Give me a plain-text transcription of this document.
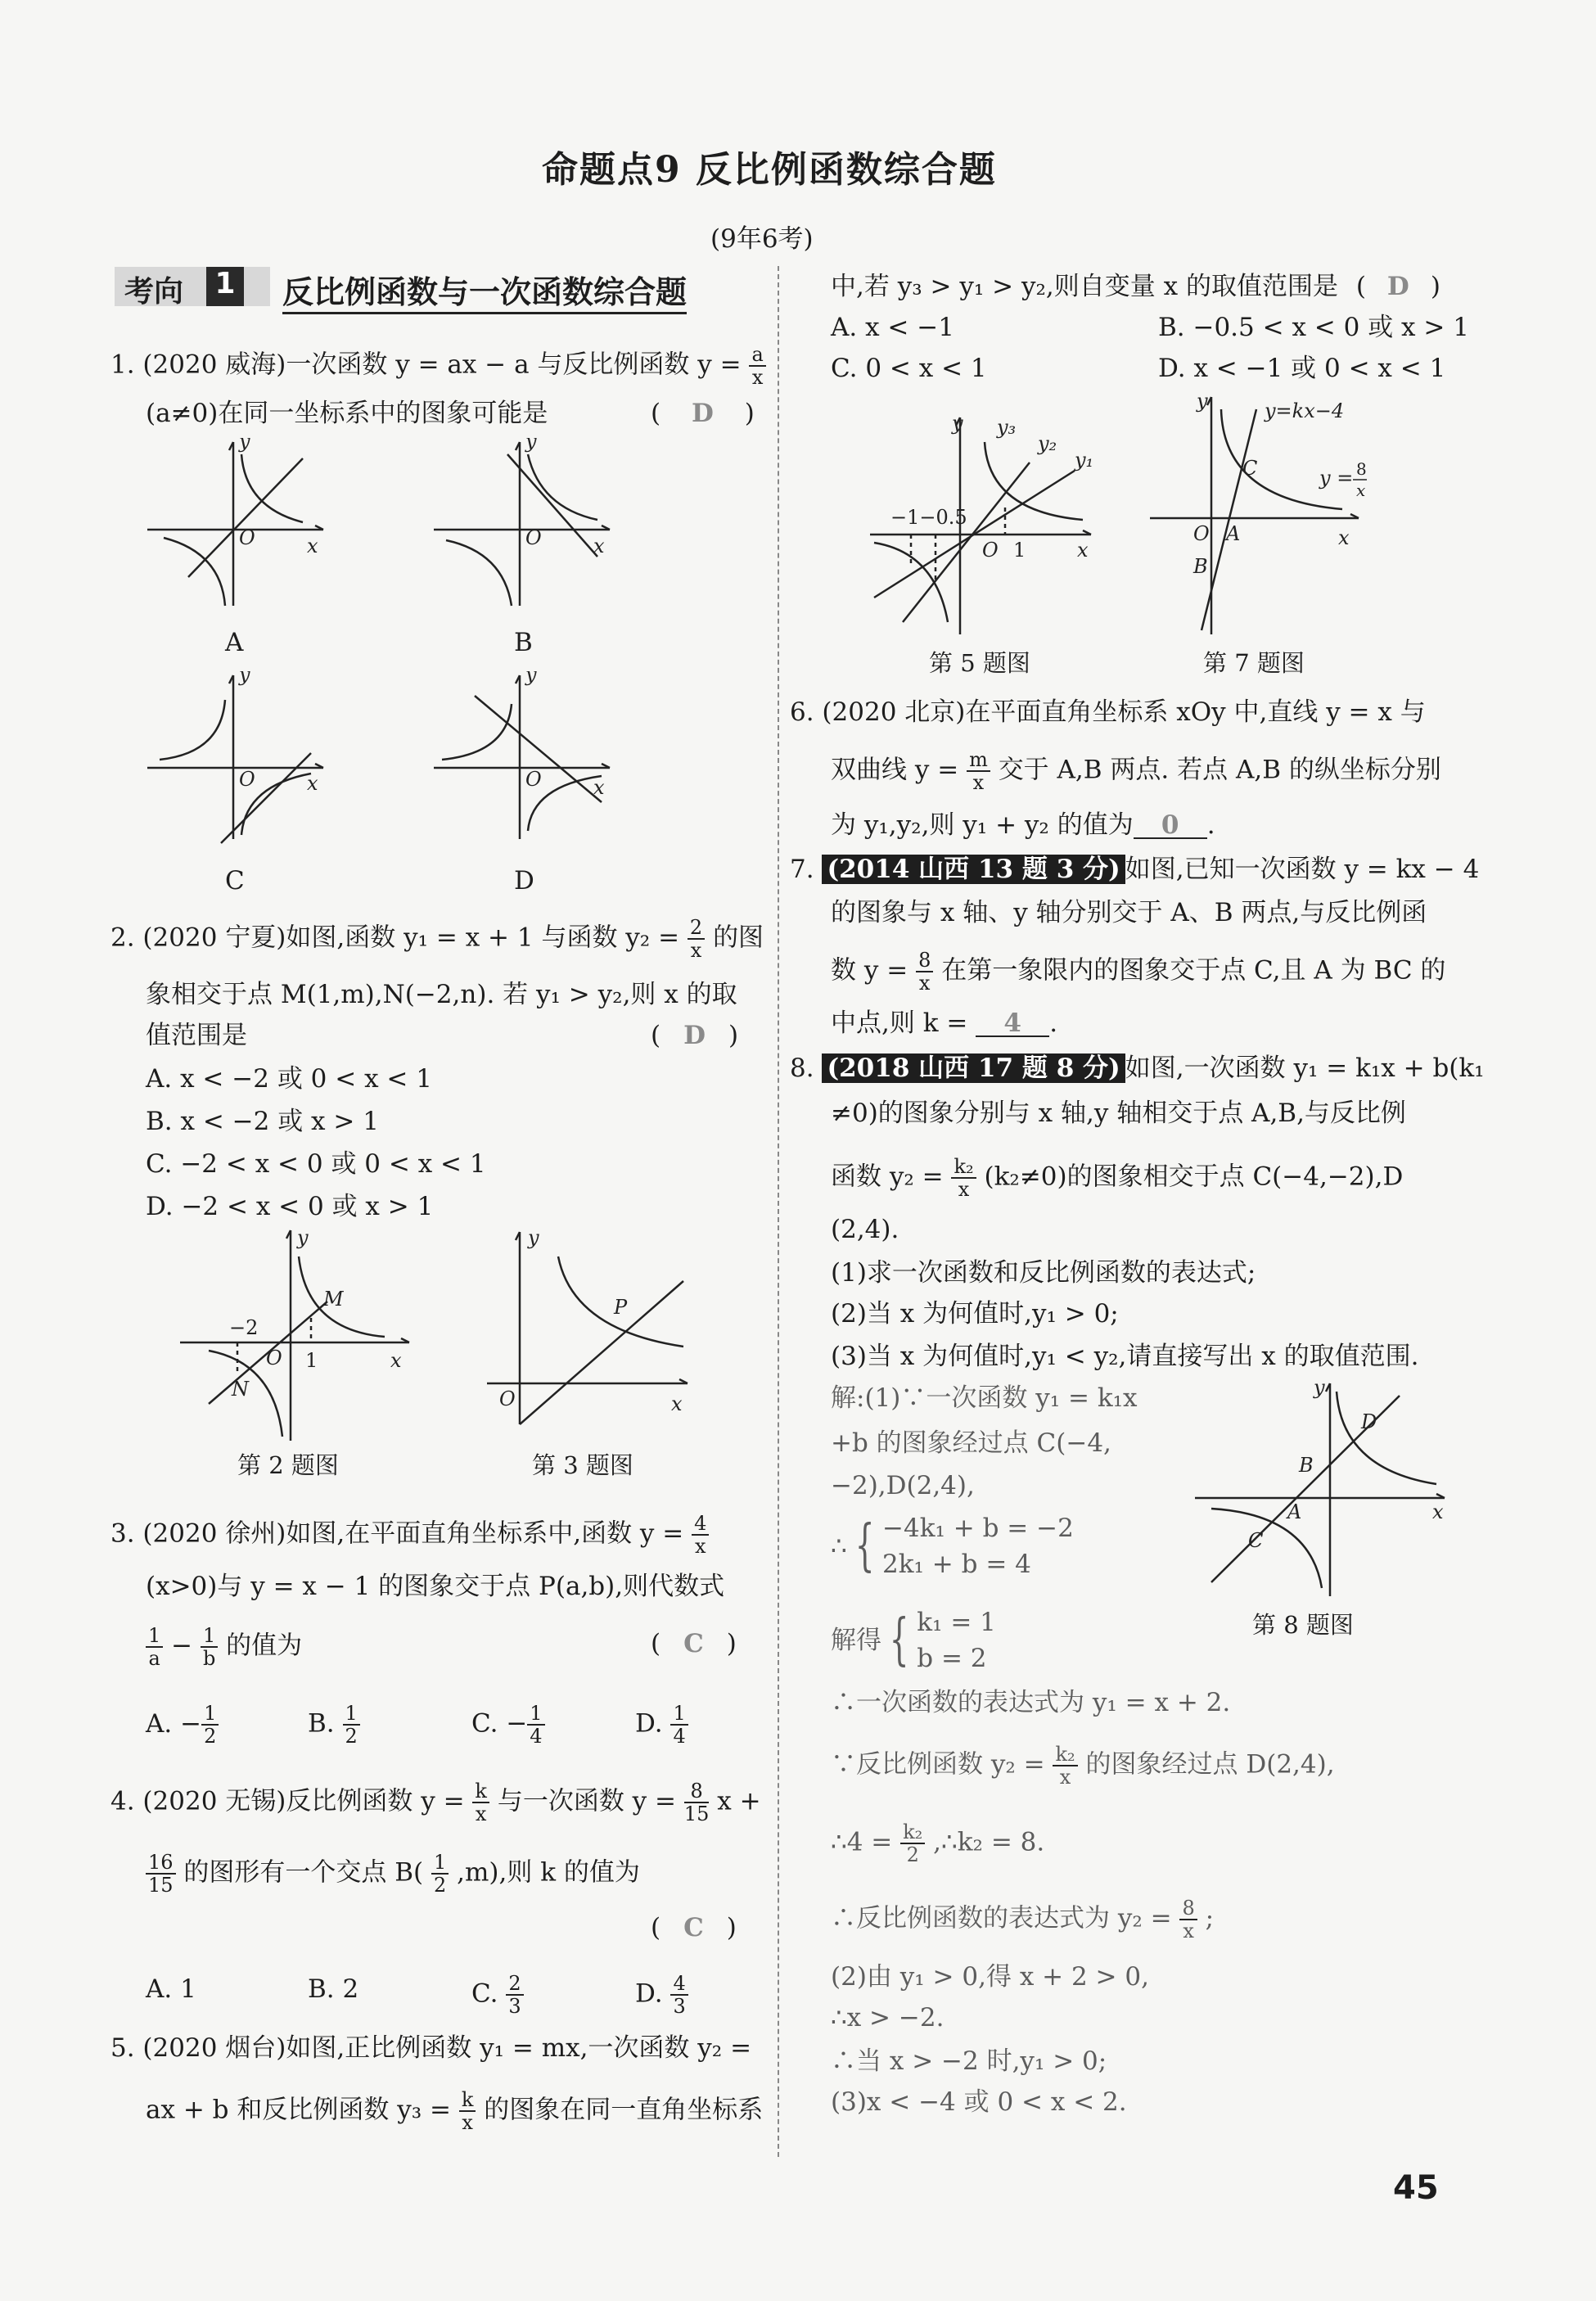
命题点9 反比例函数综合题
(9年6考)
考向 1 反比例函数与一次函数综合题
1. (2020 威海)一次函数 y = ax − a 与反比例函数 $y = \frac{a}{x}$
(a≠0)在同一坐标系中的图象可能是	( D )
O	x
y
A
O	x
y
B
O	x
y
C
O	x
y
D
2. (2020 宁夏)如图,函数 y₁ = x + 1 与函数 $y_2 = \frac{2}{x}$ 的图
象相交于点 M(1,m),N(−2,n). 若 y₁ > y₂,则 x 的取
值范围是	( D )
A. x < −2 或 0 < x < 1
B. x < −2 或 x > 1
C. −2 < x < 0 或 0 < x < 1
D. −2 < x < 0 或 x > 1
y
x
O
M
N
−2
1
第 2 题图
y
x
O
P
第 3 题图
3. (2020 徐州)如图,在平面直角坐标系中,函数 $y = \frac{4}{x}$
(x>0)与 y = x − 1 的图象交于点 P(a,b),则代数式
$\frac{1}{a} - \frac{1}{b}$ 的值为	( C )
A. − $\frac{1}{2}$	B. $\frac{1}{2}$	C. − $\frac{1}{4}$	D. $\frac{1}{4}$
4. (2020 无锡)反比例函数 $y = \frac{k}{x}$ 与一次函数 $y = \frac{8}{15}$ x +
$\frac{16}{15}$ 的图形有一个交点 $B( \frac{1}{2} ,m)$,则 k 的值为
( C )
A. 1	B. 2	C. $\frac{2}{3}$	D. $\frac{4}{3}$
5. (2020 烟台)如图,正比例函数 y₁ = mx,一次函数 y₂ =
ax + b 和反比例函数 $y_3 = \frac{k}{x}$ 的图象在同一直角坐标系
中,若 y₃ > y₁ > y₂,则自变量 x 的取值范围是 ( D )
A. x < −1	B. −0.5 < x < 0 或 x > 1
C. 0 < x < 1	D. x < −1 或 0 < x < 1
y y₃
y₂
y₁
−1−0.5
O 1	x
第 5 题图
y	y=kx−4
C	y = 8
x
O A
B
x
第 7 题图
6. (2020 北京)在平面直角坐标系 xOy 中,直线 y = x 与
双曲线 $y = \frac{m}{x}$ 交于 A,B 两点. 若点 A,B 的纵坐标分别
为 y₁,y₂,则 y₁ + y₂ 的值为 0 .
7. (2014 山西 13 题 3 分) 如图,已知一次函数 y = kx − 4
的图象与 x 轴、y 轴分别交于 A、B 两点,与反比例函
数 $y = \frac{8}{x}$ 在第一象限内的图象交于点 C,且 A 为 BC 的
中点,则 k = 4 .
8. (2018 山西 17 题 8 分) 如图,一次函数 y₁ = k₁x + b(k₁
≠0)的图象分别与 x 轴,y 轴相交于点 A,B,与反比例
函数 $y_2 = \frac{\text{k₂}}{x} (k_2\ne 0)$的图象相交于点 C(−4,−2),D
(2,4).
(1)求一次函数和反比例函数的表达式;
(2)当 x 为何值时,y₁ > 0;
(3)当 x 为何值时,y₁ < y₂,请直接写出 x 的取值范围.
y
D
B
A
C
x
第 8 题图
解:(1)∵一次函数 y₁ = k₁x
+b 的图象经过点 C(−4,
−2),D(2,4),
∴ { −4k₁ + b = −2
2k₁ + b = 4
解得 { k₁ = 1
b = 2
∴一次函数的表达式为 y₁ = x + 2.
∵反比例函数 $y_2 = \frac{\text{k₂}}{x}$ 的图象经过点 D(2,4),
∴4 = $\frac{\text{k₂}}{2}$ ,∴k₂ = 8.
∴反比例函数的表达式为 $y_2 = \frac{8}{x}$ ;
(2)由 y₁ > 0,得 x + 2 > 0,
∴x > −2.
∴当 x > −2 时,y₁ > 0;
(3)x < −4 或 0 < x < 2.
45
